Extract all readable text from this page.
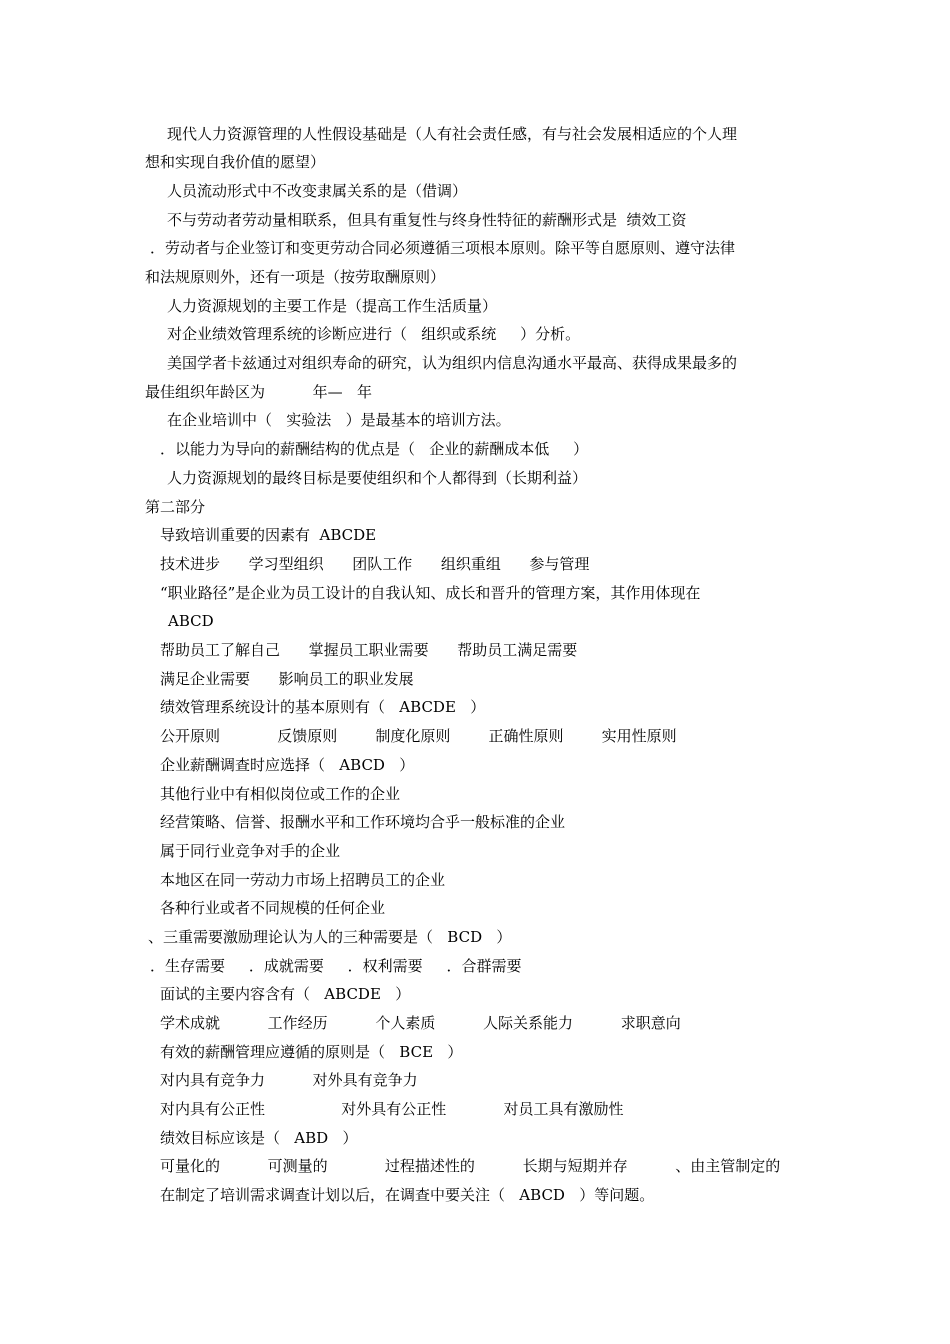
现代人力资源管理的人性假设基础是（人有社会责任感，有与社会发展相适应的个人理
想和实现自我价值的愿望）
人员流动形式中不改变隶属关系的是（借调）
不与劳动者劳动量相联系，但具有重复性与终身性特征的薪酬形式是  绩效工资
．劳动者与企业签订和变更劳动合同必须遵循三项根本原则。除平等自愿原则、遵守法律
和法规原则外，还有一项是（按劳取酬原则）
人力资源规划的主要工作是（提高工作生活质量）
对企业绩效管理系统的诊断应进行（   组织或系统     ）分析。
美国学者卡兹通过对组织寿命的研究，认为组织内信息沟通水平最高、获得成果最多的
最佳组织年龄区为          年—   年
在企业培训中（   实验法   ）是最基本的培训方法。
．以能力为导向的薪酬结构的优点是（   企业的薪酬成本低     ）
人力资源规划的最终目标是要使组织和个人都得到（长期利益）
第二部分
导致培训重要的因素有  ABCDE
技术进步      学习型组织      团队工作      组织重组      参与管理
“职业路径”是企业为员工设计的自我认知、成长和晋升的管理方案，其作用体现在
ABCD
帮助员工了解自己      掌握员工职业需要      帮助员工满足需要
满足企业需要      影响员工的职业发展
绩效管理系统设计的基本原则有（   ABCDE   ）
公开原则            反馈原则        制度化原则        正确性原则        实用性原则
企业薪酬调查时应选择（   ABCD   ）
其他行业中有相似岗位或工作的企业
经营策略、信誉、报酬水平和工作环境均合乎一般标准的企业
属于同行业竞争对手的企业
本地区在同一劳动力市场上招聘员工的企业
各种行业或者不同规模的任何企业
、三重需要激励理论认为人的三种需要是（   BCD   ）
．生存需要     ．成就需要     ．权利需要     ．合群需要
面试的主要内容含有（   ABCDE   ）
学术成就          工作经历          个人素质          人际关系能力          求职意向
有效的薪酬管理应遵循的原则是（   BCE   ）
对内具有竞争力          对外具有竞争力
对内具有公正性                对外具有公正性            对员工具有激励性
绩效目标应该是（   ABD   ）
可量化的          可测量的            过程描述性的          长期与短期并存          、由主管制定的
在制定了培训需求调查计划以后，在调查中要关注（   ABCD   ）等问题。
